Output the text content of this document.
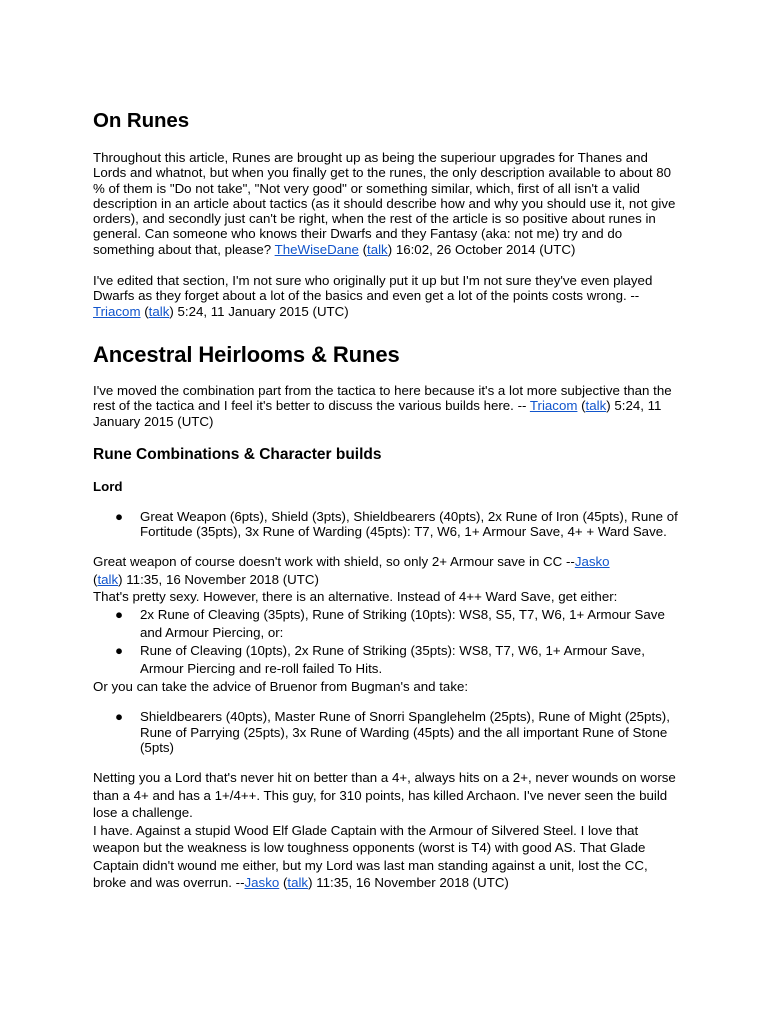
On Runes

Throughout this article, Runes are brought up as being the superiour upgrades for Thanes and Lords and whatnot, but when you finally get to the runes, the only description available to about 80 % of them is "Do not take", "Not very good" or something similar, which, first of all isn't a valid description in an article about tactics (as it should describe how and why you should use it, not give orders), and secondly just can't be right, when the rest of the article is so positive about runes in general. Can someone who knows their Dwarfs and they Fantasy (aka: not me) try and do something about that, please? TheWiseDane (talk) 16:02, 26 October 2014 (UTC)

I've edited that section, I'm not sure who originally put it up but I'm not sure they've even played Dwarfs as they forget about a lot of the basics and even get a lot of the points costs wrong. -- Triacom (talk) 5:24, 11 January 2015 (UTC)

Ancestral Heirlooms & Runes

I've moved the combination part from the tactica to here because it's a lot more subjective than the rest of the tactica and I feel it's better to discuss the various builds here. -- Triacom (talk) 5:24, 11 January 2015 (UTC)

Rune Combinations & Character builds
Lord
● Great Weapon (6pts), Shield (3pts), Shieldbearers (40pts), 2x Rune of Iron (45pts), Rune of Fortitude (35pts), 3x Rune of Warding (45pts): T7, W6, 1+ Armour Save, 4+ + Ward Save.

Great weapon of course doesn't work with shield, so only 2+ Armour save in CC --Jasko
(talk) 11:35, 16 November 2018 (UTC)

That's pretty sexy. However, there is an alternative. Instead of 4++ Ward Save, get either:

● 2x Rune of Cleaving (35pts), Rune of Striking (10pts): WS8, S5, T7, W6, 1+ Armour Save and Armour Piercing, or:
● Rune of Cleaving (10pts), 2x Rune of Striking (35pts): WS8, T7, W6, 1+ Armour Save, Armour Piercing and re-roll failed To Hits.

Or you can take the advice of Bruenor from Bugman's and take:

● Shieldbearers (40pts), Master Rune of Snorri Spanglehelm (25pts), Rune of Might (25pts), Rune of Parrying (25pts), 3x Rune of Warding (45pts) and the all important Rune of Stone (5pts)

Netting you a Lord that's never hit on better than a 4+, always hits on a 2+, never wounds on worse than a 4+ and has a 1+/4++. This guy, for 310 points, has killed Archaon. I've never seen the build lose a challenge.

I have. Against a stupid Wood Elf Glade Captain with the Armour of Silvered Steel. I love that weapon but the weakness is low toughness opponents (worst is T4) with good AS. That Glade Captain didn't wound me either, but my Lord was last man standing against a unit, lost the CC, broke and was overrun. --Jasko (talk) 11:35, 16 November 2018 (UTC)
